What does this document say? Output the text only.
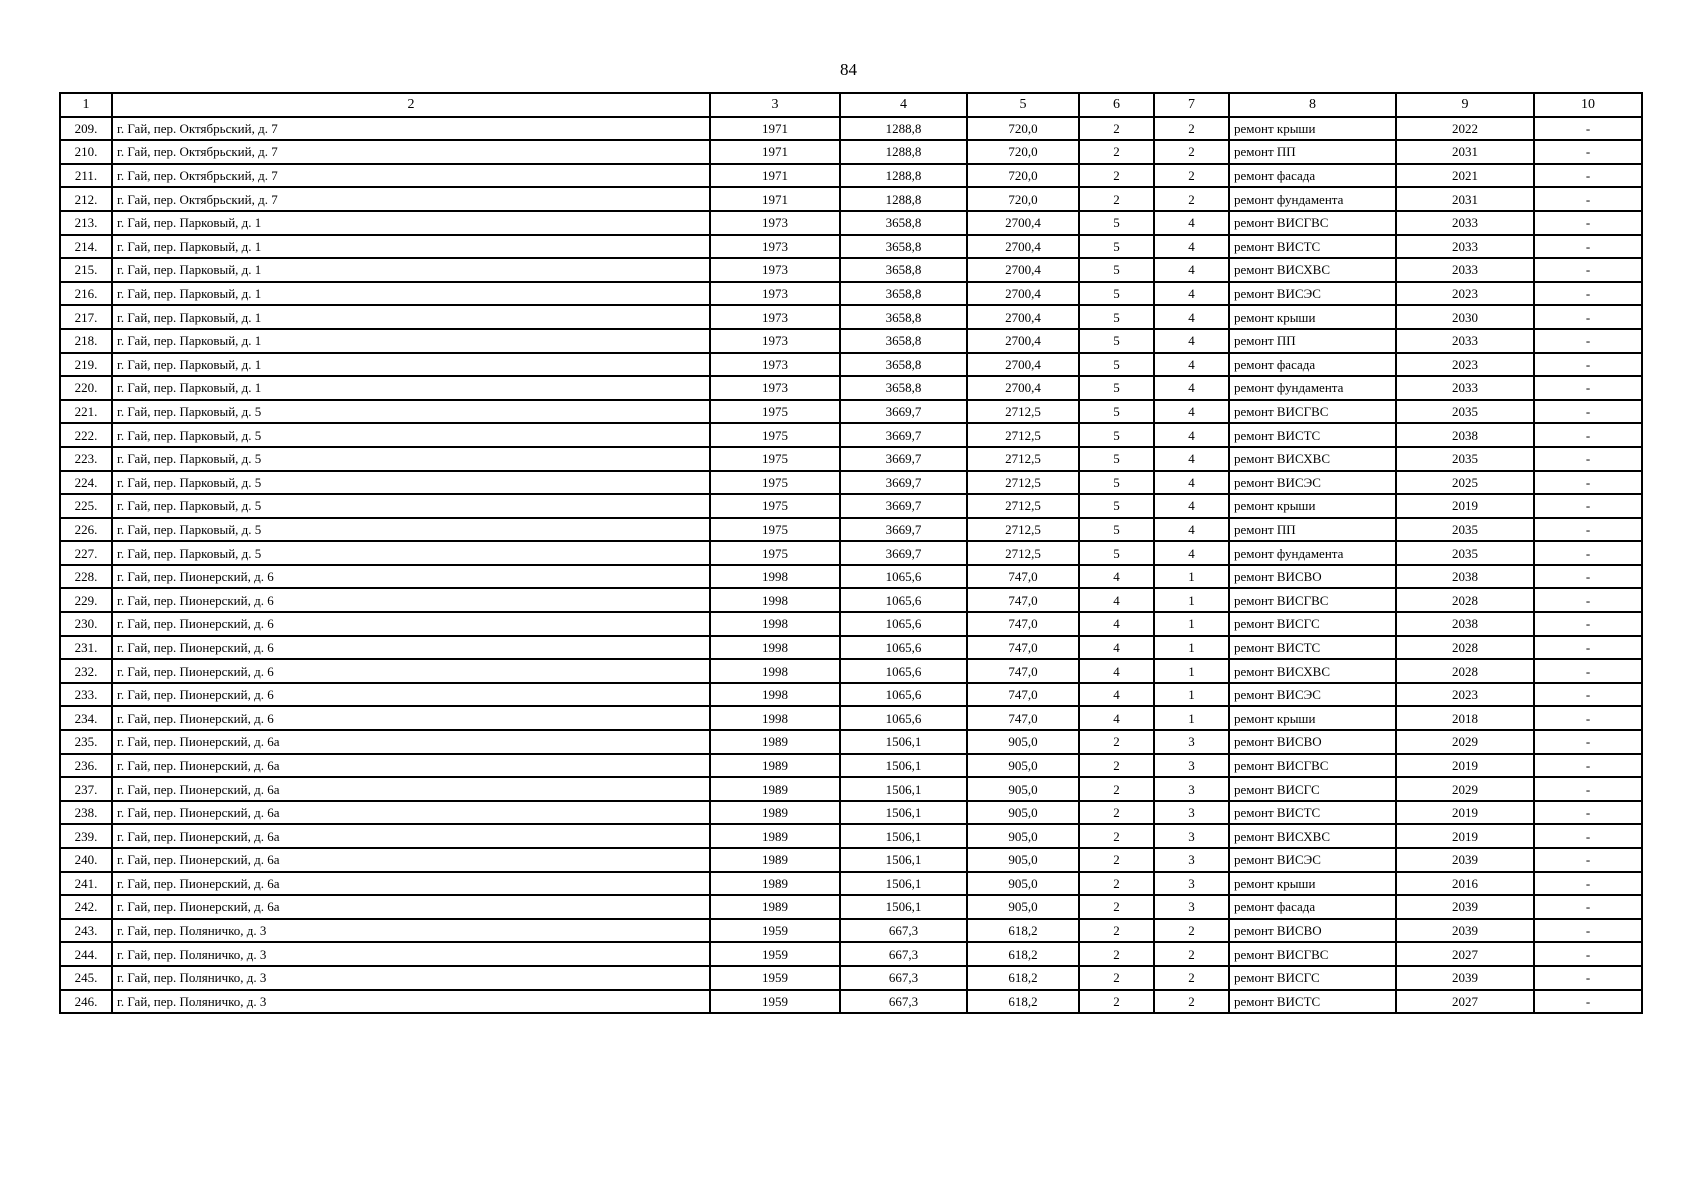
84
1	2	3	4	5	6	7	8	9	10
209.	г. Гай, пер. Октябрьский, д. 7	1971	1288,8	720,0	2	2	ремонт крыши	2022	-
210.	г. Гай, пер. Октябрьский, д. 7	1971	1288,8	720,0	2	2	ремонт ПП	2031	-
211.	г. Гай, пер. Октябрьский, д. 7	1971	1288,8	720,0	2	2	ремонт фасада	2021	-
212.	г. Гай, пер. Октябрьский, д. 7	1971	1288,8	720,0	2	2	ремонт фундамента	2031	-
213.	г. Гай, пер. Парковый, д. 1	1973	3658,8	2700,4	5	4	ремонт ВИСГВС	2033	-
214.	г. Гай, пер. Парковый, д. 1	1973	3658,8	2700,4	5	4	ремонт ВИСТС	2033	-
215.	г. Гай, пер. Парковый, д. 1	1973	3658,8	2700,4	5	4	ремонт ВИСХВС	2033	-
216.	г. Гай, пер. Парковый, д. 1	1973	3658,8	2700,4	5	4	ремонт ВИСЭС	2023	-
217.	г. Гай, пер. Парковый, д. 1	1973	3658,8	2700,4	5	4	ремонт крыши	2030	-
218.	г. Гай, пер. Парковый, д. 1	1973	3658,8	2700,4	5	4	ремонт ПП	2033	-
219.	г. Гай, пер. Парковый, д. 1	1973	3658,8	2700,4	5	4	ремонт фасада	2023	-
220.	г. Гай, пер. Парковый, д. 1	1973	3658,8	2700,4	5	4	ремонт фундамента	2033	-
221.	г. Гай, пер. Парковый, д. 5	1975	3669,7	2712,5	5	4	ремонт ВИСГВС	2035	-
222.	г. Гай, пер. Парковый, д. 5	1975	3669,7	2712,5	5	4	ремонт ВИСТС	2038	-
223.	г. Гай, пер. Парковый, д. 5	1975	3669,7	2712,5	5	4	ремонт ВИСХВС	2035	-
224.	г. Гай, пер. Парковый, д. 5	1975	3669,7	2712,5	5	4	ремонт ВИСЭС	2025	-
225.	г. Гай, пер. Парковый, д. 5	1975	3669,7	2712,5	5	4	ремонт крыши	2019	-
226.	г. Гай, пер. Парковый, д. 5	1975	3669,7	2712,5	5	4	ремонт ПП	2035	-
227.	г. Гай, пер. Парковый, д. 5	1975	3669,7	2712,5	5	4	ремонт фундамента	2035	-
228.	г. Гай, пер. Пионерский, д. 6	1998	1065,6	747,0	4	1	ремонт ВИСВО	2038	-
229.	г. Гай, пер. Пионерский, д. 6	1998	1065,6	747,0	4	1	ремонт ВИСГВС	2028	-
230.	г. Гай, пер. Пионерский, д. 6	1998	1065,6	747,0	4	1	ремонт ВИСГС	2038	-
231.	г. Гай, пер. Пионерский, д. 6	1998	1065,6	747,0	4	1	ремонт ВИСТС	2028	-
232.	г. Гай, пер. Пионерский, д. 6	1998	1065,6	747,0	4	1	ремонт ВИСХВС	2028	-
233.	г. Гай, пер. Пионерский, д. 6	1998	1065,6	747,0	4	1	ремонт ВИСЭС	2023	-
234.	г. Гай, пер. Пионерский, д. 6	1998	1065,6	747,0	4	1	ремонт крыши	2018	-
235.	г. Гай, пер. Пионерский, д. 6а	1989	1506,1	905,0	2	3	ремонт ВИСВО	2029	-
236.	г. Гай, пер. Пионерский, д. 6а	1989	1506,1	905,0	2	3	ремонт ВИСГВС	2019	-
237.	г. Гай, пер. Пионерский, д. 6а	1989	1506,1	905,0	2	3	ремонт ВИСГС	2029	-
238.	г. Гай, пер. Пионерский, д. 6а	1989	1506,1	905,0	2	3	ремонт ВИСТС	2019	-
239.	г. Гай, пер. Пионерский, д. 6а	1989	1506,1	905,0	2	3	ремонт ВИСХВС	2019	-
240.	г. Гай, пер. Пионерский, д. 6а	1989	1506,1	905,0	2	3	ремонт ВИСЭС	2039	-
241.	г. Гай, пер. Пионерский, д. 6а	1989	1506,1	905,0	2	3	ремонт крыши	2016	-
242.	г. Гай, пер. Пионерский, д. 6а	1989	1506,1	905,0	2	3	ремонт фасада	2039	-
243.	г. Гай, пер. Поляничко, д. 3	1959	667,3	618,2	2	2	ремонт ВИСВО	2039	-
244.	г. Гай, пер. Поляничко, д. 3	1959	667,3	618,2	2	2	ремонт ВИСГВС	2027	-
245.	г. Гай, пер. Поляничко, д. 3	1959	667,3	618,2	2	2	ремонт ВИСГС	2039	-
246.	г. Гай, пер. Поляничко, д. 3	1959	667,3	618,2	2	2	ремонт ВИСТС	2027	-
